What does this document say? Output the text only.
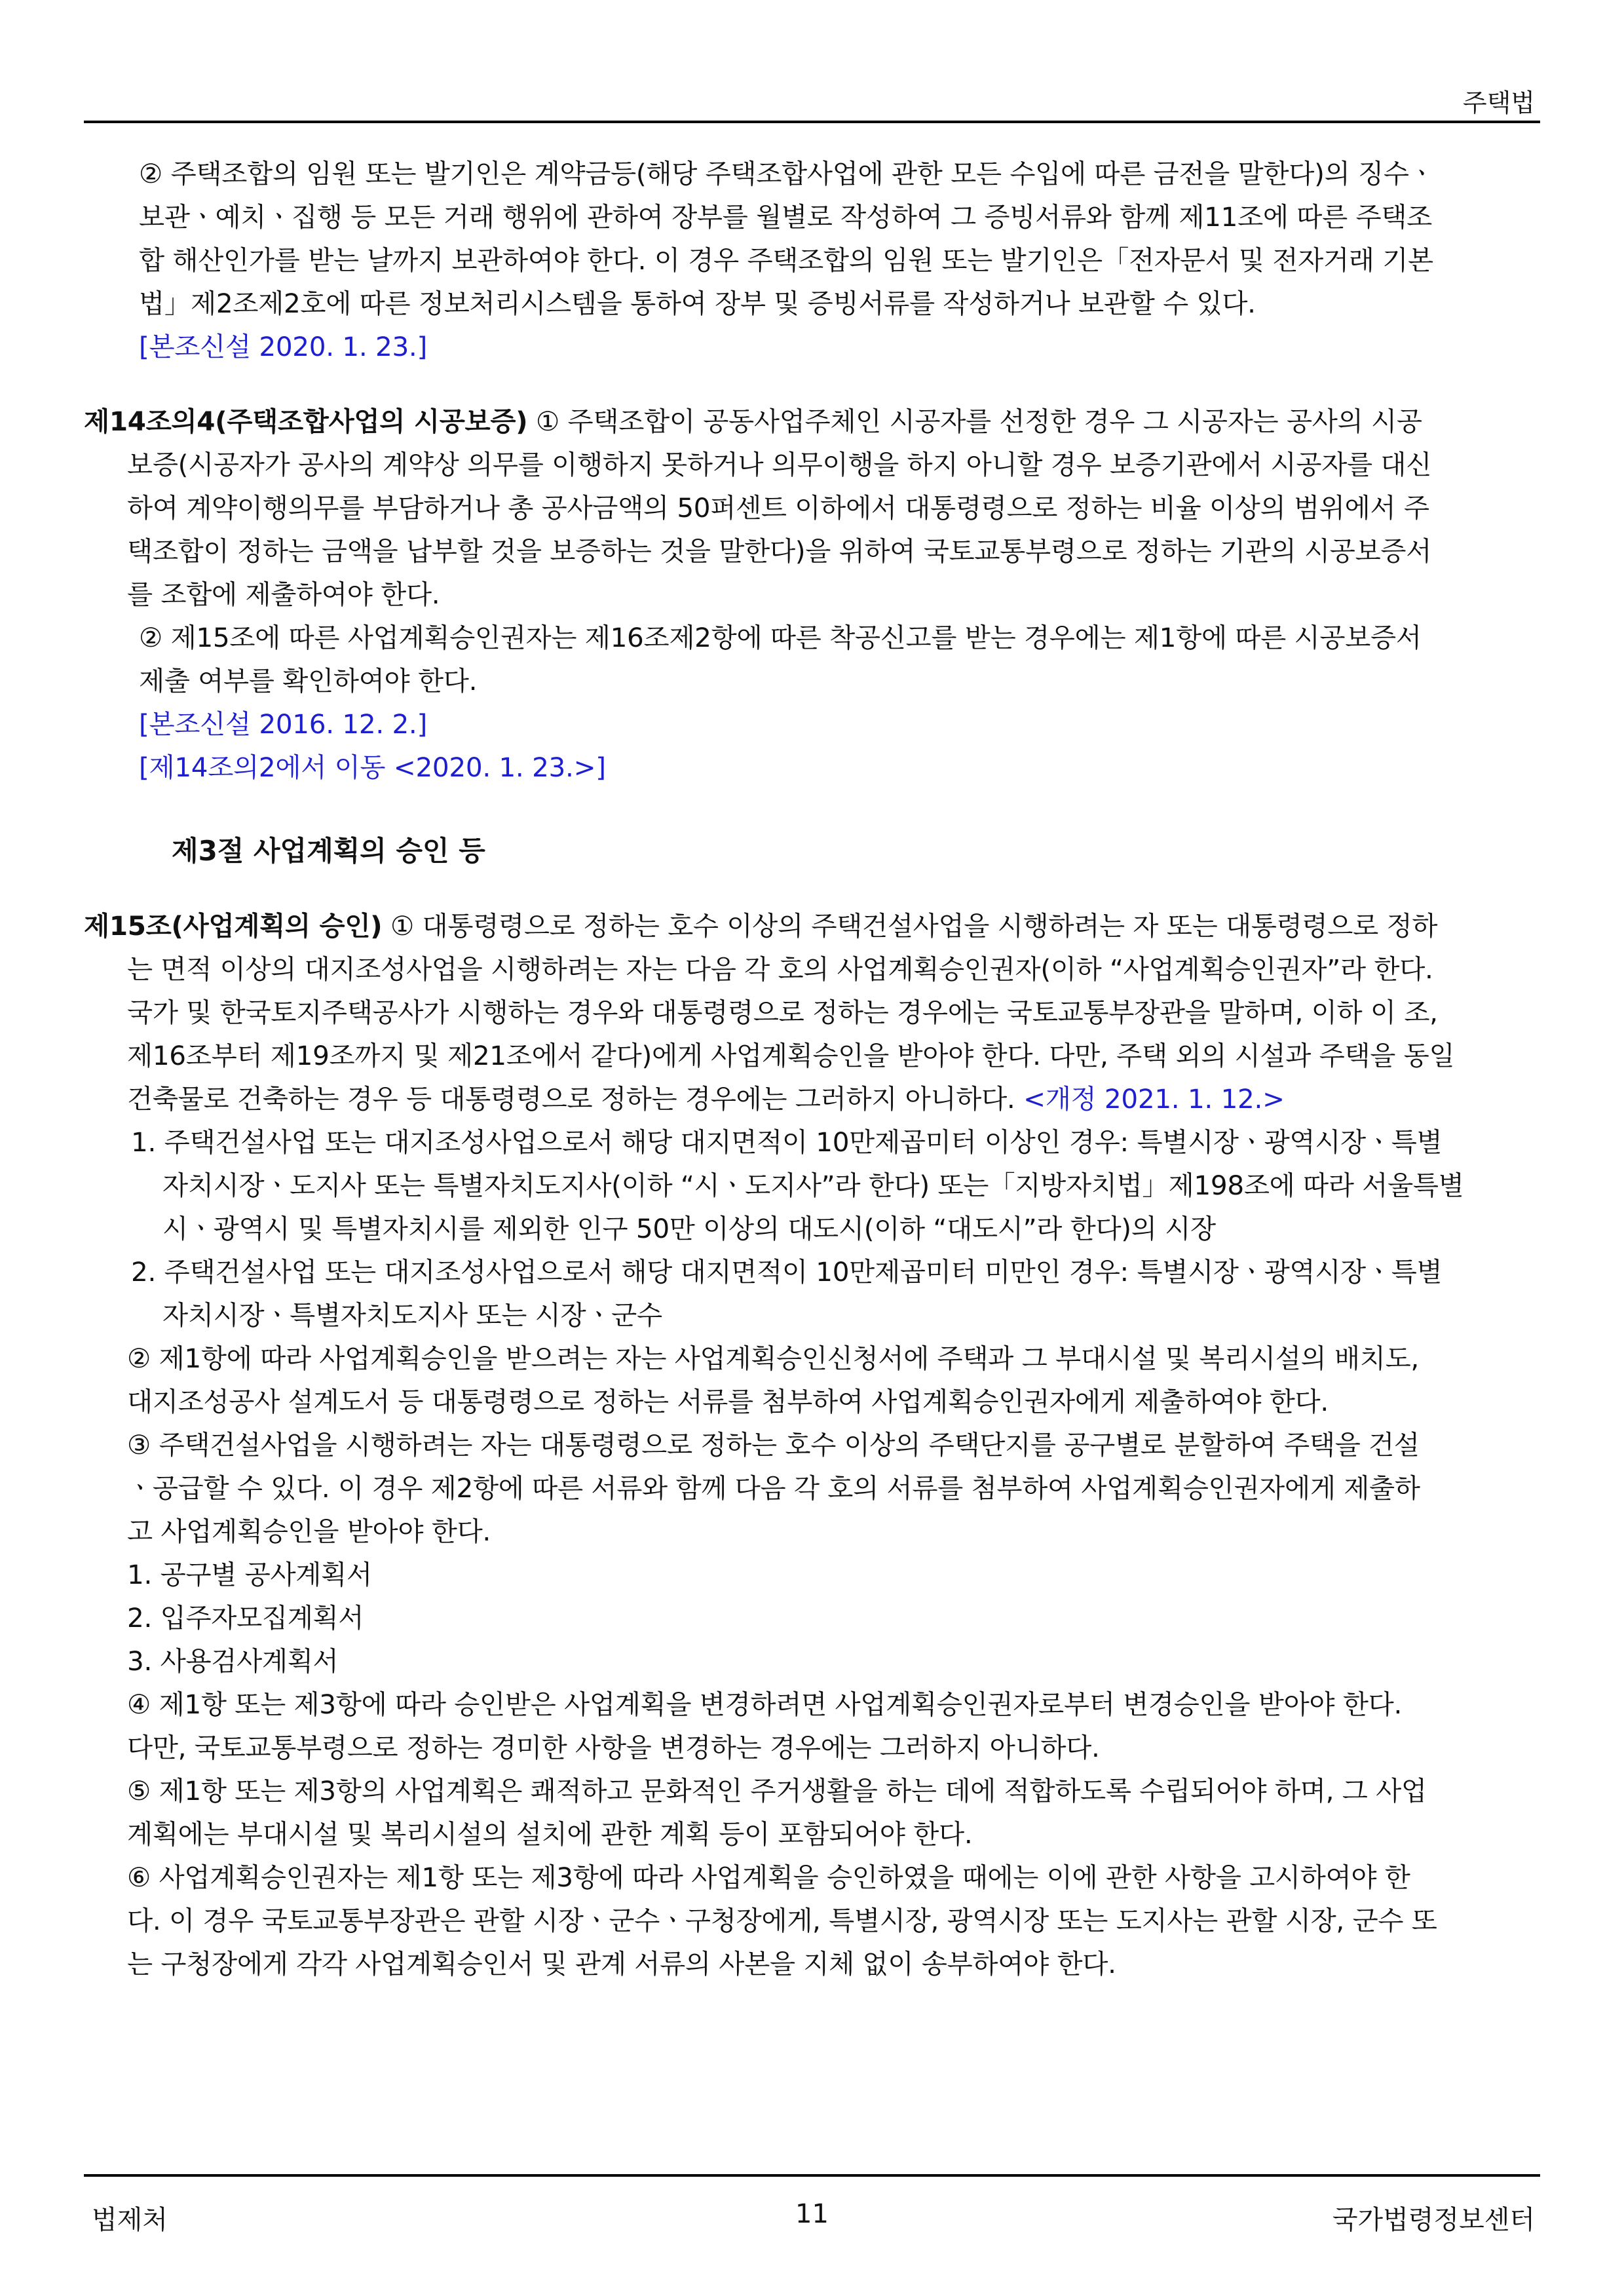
주택법
② 주택조합의 임원 또는 발기인은 계약금등(해당 주택조합사업에 관한 모든 수입에 따른 금전을 말한다)의 징수ㆍ
보관ㆍ예치ㆍ집행 등 모든 거래 행위에 관하여 장부를 월별로 작성하여 그 증빙서류와 함께 제11조에 따른 주택조
합 해산인가를 받는 날까지 보관하여야 한다. 이 경우 주택조합의 임원 또는 발기인은「전자문서 및 전자거래 기본
법」제2조제2호에 따른 정보처리시스템을 통하여 장부 및 증빙서류를 작성하거나 보관할 수 있다.
[본조신설 2020. 1. 23.]
제14조의4(주택조합사업의 시공보증) ① 주택조합이 공동사업주체인 시공자를 선정한 경우 그 시공자는 공사의 시공
보증(시공자가 공사의 계약상 의무를 이행하지 못하거나 의무이행을 하지 아니할 경우 보증기관에서 시공자를 대신
하여 계약이행의무를 부담하거나 총 공사금액의 50퍼센트 이하에서 대통령령으로 정하는 비율 이상의 범위에서 주
택조합이 정하는 금액을 납부할 것을 보증하는 것을 말한다)을 위하여 국토교통부령으로 정하는 기관의 시공보증서
를 조합에 제출하여야 한다.
② 제15조에 따른 사업계획승인권자는 제16조제2항에 따른 착공신고를 받는 경우에는 제1항에 따른 시공보증서
제출 여부를 확인하여야 한다.
[본조신설 2016. 12. 2.]
[제14조의2에서 이동 <2020. 1. 23.>]
제3절 사업계획의 승인 등
제15조(사업계획의 승인) ① 대통령령으로 정하는 호수 이상의 주택건설사업을 시행하려는 자 또는 대통령령으로 정하
는 면적 이상의 대지조성사업을 시행하려는 자는 다음 각 호의 사업계획승인권자(이하 “사업계획승인권자”라 한다.
국가 및 한국토지주택공사가 시행하는 경우와 대통령령으로 정하는 경우에는 국토교통부장관을 말하며, 이하 이 조,
제16조부터 제19조까지 및 제21조에서 같다)에게 사업계획승인을 받아야 한다. 다만, 주택 외의 시설과 주택을 동일
건축물로 건축하는 경우 등 대통령령으로 정하는 경우에는 그러하지 아니하다. <개정 2021. 1. 12.>
1. 주택건설사업 또는 대지조성사업으로서 해당 대지면적이 10만제곱미터 이상인 경우: 특별시장ㆍ광역시장ㆍ특별
자치시장ㆍ도지사 또는 특별자치도지사(이하 “시ㆍ도지사”라 한다) 또는「지방자치법」제198조에 따라 서울특별
시ㆍ광역시 및 특별자치시를 제외한 인구 50만 이상의 대도시(이하 “대도시”라 한다)의 시장
2. 주택건설사업 또는 대지조성사업으로서 해당 대지면적이 10만제곱미터 미만인 경우: 특별시장ㆍ광역시장ㆍ특별
자치시장ㆍ특별자치도지사 또는 시장ㆍ군수
② 제1항에 따라 사업계획승인을 받으려는 자는 사업계획승인신청서에 주택과 그 부대시설 및 복리시설의 배치도,
대지조성공사 설계도서 등 대통령령으로 정하는 서류를 첨부하여 사업계획승인권자에게 제출하여야 한다.
③ 주택건설사업을 시행하려는 자는 대통령령으로 정하는 호수 이상의 주택단지를 공구별로 분할하여 주택을 건설
ㆍ공급할 수 있다. 이 경우 제2항에 따른 서류와 함께 다음 각 호의 서류를 첨부하여 사업계획승인권자에게 제출하
고 사업계획승인을 받아야 한다.
1. 공구별 공사계획서
2. 입주자모집계획서
3. 사용검사계획서
④ 제1항 또는 제3항에 따라 승인받은 사업계획을 변경하려면 사업계획승인권자로부터 변경승인을 받아야 한다.
다만, 국토교통부령으로 정하는 경미한 사항을 변경하는 경우에는 그러하지 아니하다.
⑤ 제1항 또는 제3항의 사업계획은 쾌적하고 문화적인 주거생활을 하는 데에 적합하도록 수립되어야 하며, 그 사업
계획에는 부대시설 및 복리시설의 설치에 관한 계획 등이 포함되어야 한다.
⑥ 사업계획승인권자는 제1항 또는 제3항에 따라 사업계획을 승인하였을 때에는 이에 관한 사항을 고시하여야 한
다. 이 경우 국토교통부장관은 관할 시장ㆍ군수ㆍ구청장에게, 특별시장, 광역시장 또는 도지사는 관할 시장, 군수 또
는 구청장에게 각각 사업계획승인서 및 관계 서류의 사본을 지체 없이 송부하여야 한다.
법제처	11	국가법령정보센터
